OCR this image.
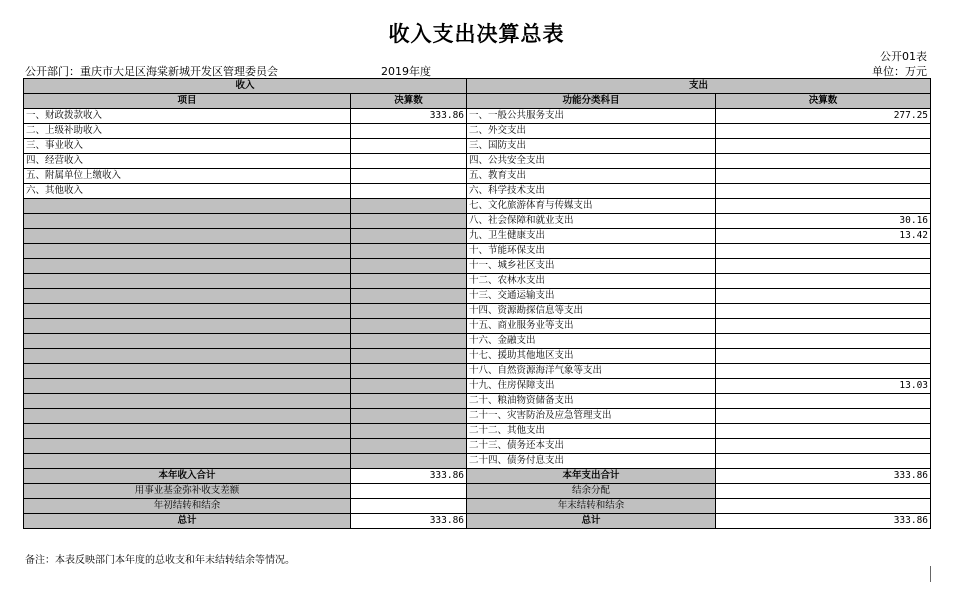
收入支出决算总表
公开01表
公开部门：重庆市大足区海棠新城开发区管理委员会	2019年度	单位：万元
收入		支出	
项目	决算数	功能分类科目	决算数
一、财政拨款收入	333.86	一、一般公共服务支出	277.25
二、上级补助收入		二、外交支出	
三、事业收入		三、国防支出	
四、经营收入		四、公共安全支出	
五、附属单位上缴收入		五、教育支出	
六、其他收入		六、科学技术支出	
		七、文化旅游体育与传媒支出	
		八、社会保障和就业支出	30.16
		九、卫生健康支出	13.42
		十、节能环保支出	
		十一、城乡社区支出	
		十二、农林水支出	
		十三、交通运输支出	
		十四、资源勘探信息等支出	
		十五、商业服务业等支出	
		十六、金融支出	
		十七、援助其他地区支出	
		十八、自然资源海洋气象等支出	
		十九、住房保障支出	13.03
		二十、粮油物资储备支出	
		二十一、灾害防治及应急管理支出	
		二十二、其他支出	
		二十三、债务还本支出	
		二十四、债务付息支出	
本年收入合计	333.86	本年支出合计	333.86
用事业基金弥补收支差额		结余分配	
年初结转和结余		年末结转和结余	
总计	333.86	总计	333.86
备注：本表反映部门本年度的总收支和年末结转结余等情况。
